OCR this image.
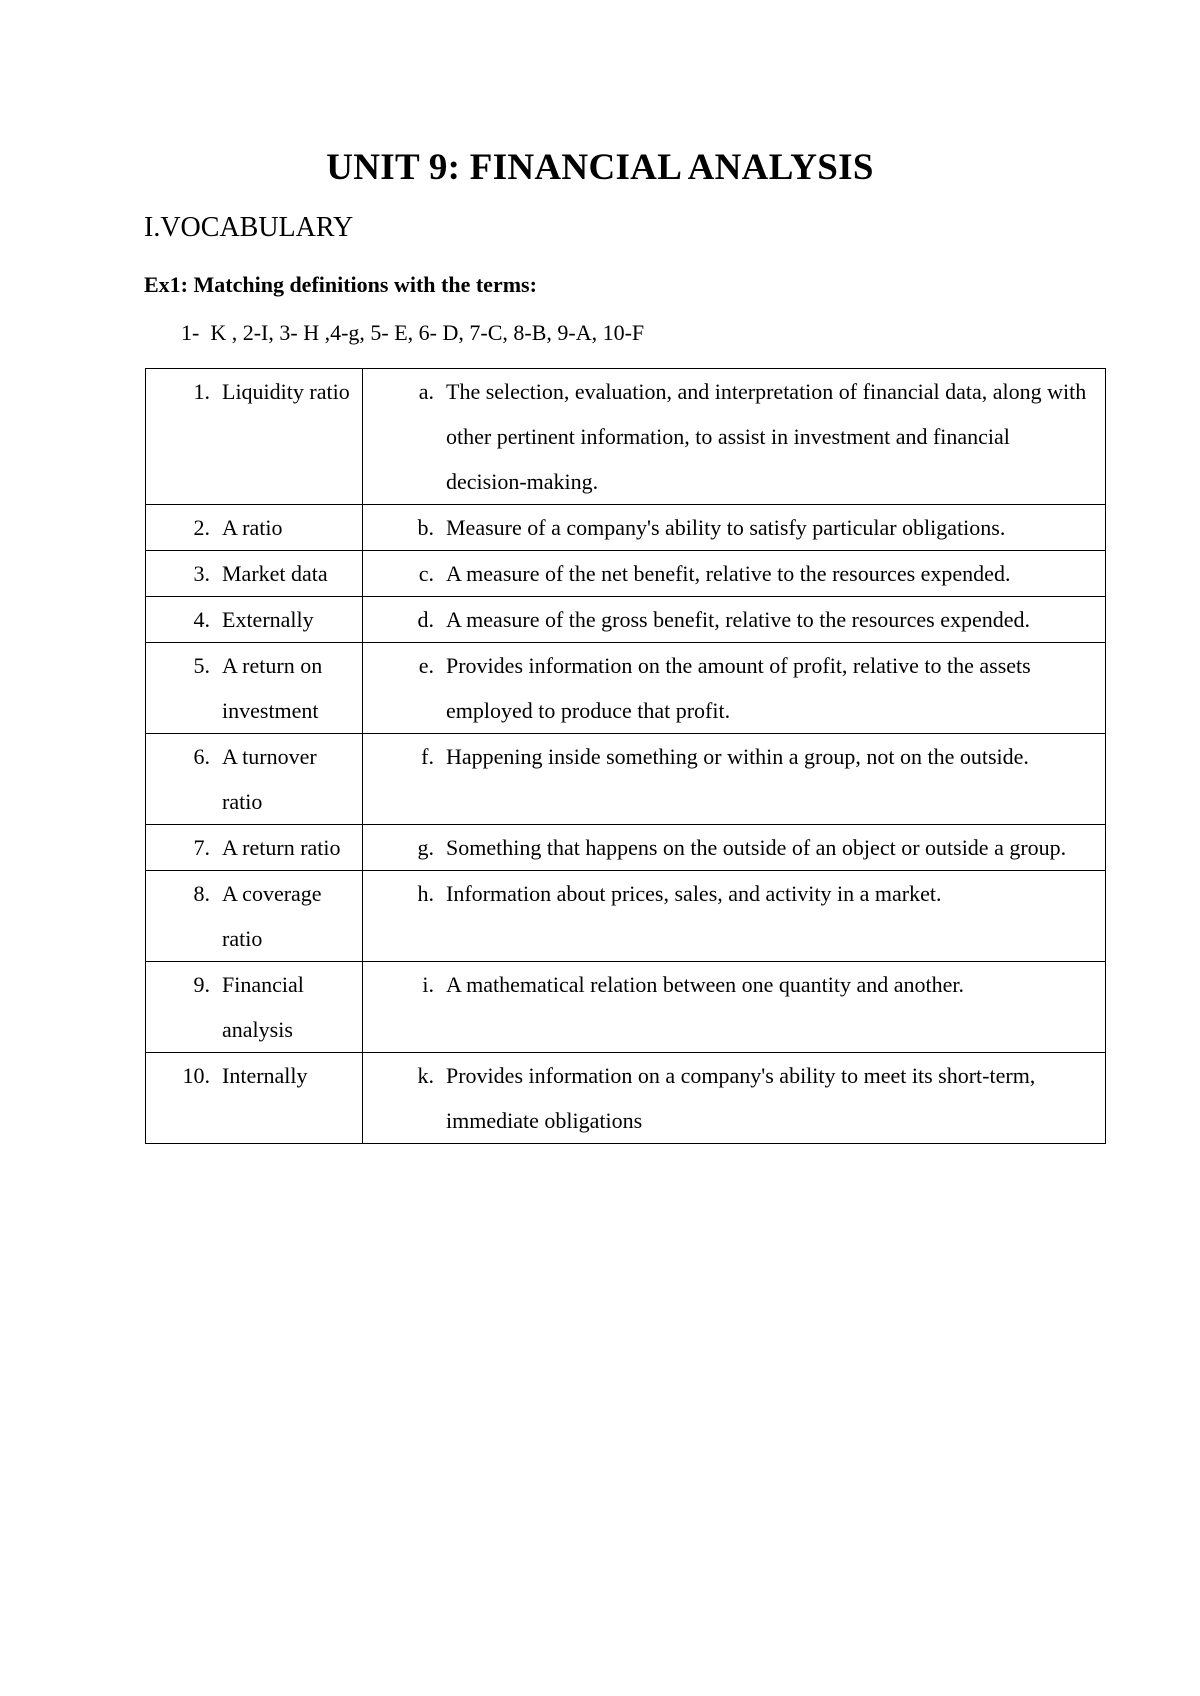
UNIT 9: FINANCIAL ANALYSIS
I.VOCABULARY
Ex1: Matching definitions with the terms:
1-  K , 2-I, 3- H ,4-g, 5- E, 6- D, 7-C, 8-B, 9-A, 10-F
1. Liquidity ratio	a. The selection, evaluation, and interpretation of financial data, along with other pertinent information, to assist in investment and financial decision-making.

2. A ratio	b. Measure of a company's ability to satisfy particular obligations.

3. Market data	c. A measure of the net benefit, relative to the resources expended.

4. Externally	d. A measure of the gross benefit, relative to the resources expended.

5. A return on investment	e. Provides information on the amount of profit, relative to the assets employed to produce that profit.

6. A turnover ratio	f. Happening inside something or within a group, not on the outside.

7. A return ratio	g. Something that happens on the outside of an object or outside a group.

8. A coverage ratio	h. Information about prices, sales, and activity in a market.

9. Financial analysis	i. A mathematical relation between one quantity and another.

10. Internally	k. Provides information on a company's ability to meet its short-term, immediate obligations
